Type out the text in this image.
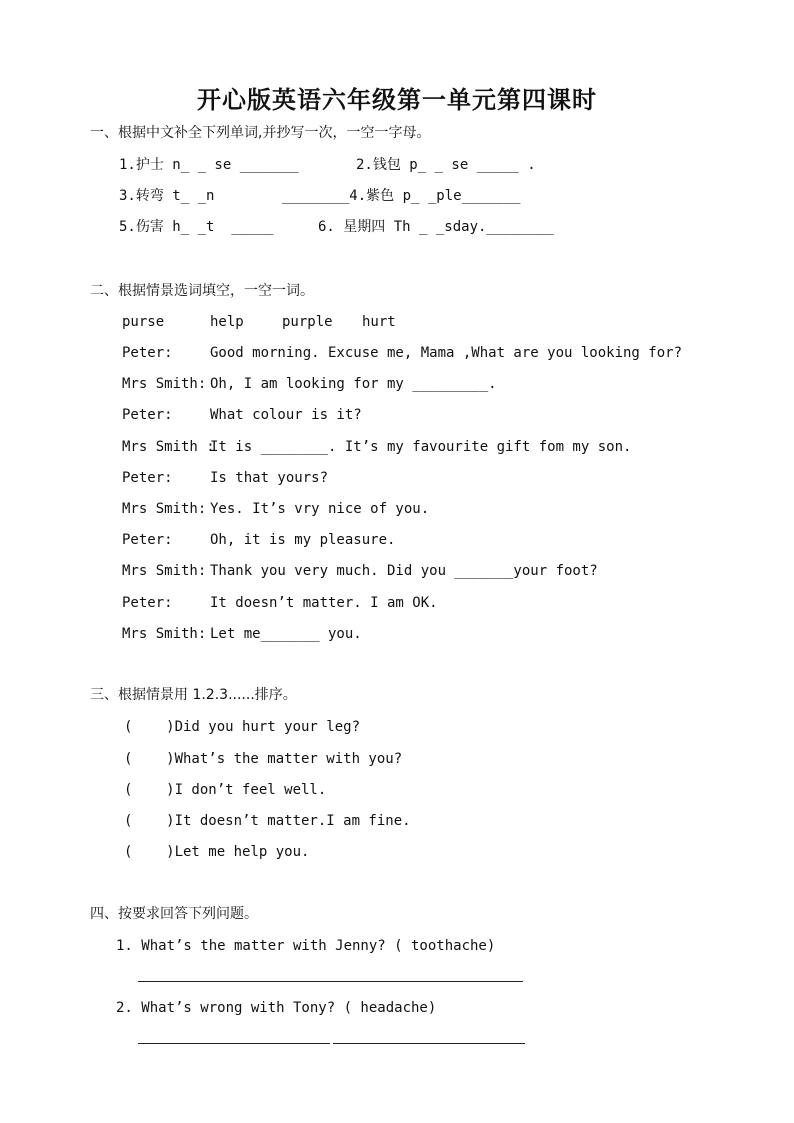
开心版英语六年级第一单元第四课时
一、根据中文补全下列单词,并抄写一次，一空一字母。
1.护士 n_ _ se _______	2.钱包 p_ _ se _____ .
3.转弯 t_ _n        ________4.紫色 p_ _ple_______
5.伤害 h_ _t  _____	6. 星期四 Th _ _sday.________
二、根据情景选词填空，一空一词。
purse	help	purple hurt
Peter:	Good morning. Excuse me, Mama ,What are you looking for?
Mrs Smith: Oh, I am looking for my _________.
Peter:	What colour is it?
Mrs Smith :
It is ________. It’s my favourite gift fom my son.
Peter:	Is that yours?
Mrs Smith: Yes. It’s vry nice of you.
Peter:	Oh, it is my pleasure.
Mrs Smith: Thank you very much. Did you _______your foot?
Peter:	It doesn’t matter. I am OK.
Mrs Smith: Let me_______ you.
三、根据情景用 1.2.3......排序。
(    )Did you hurt your leg?
(    )What’s the matter with you?
(    )I don’t feel well.
(    )It doesn’t matter.I am fine.
(    )Let me help you.
四、按要求回答下列问题。
1. What’s the matter with Jenny? ( toothache)
2. What’s wrong with Tony? ( headache)
